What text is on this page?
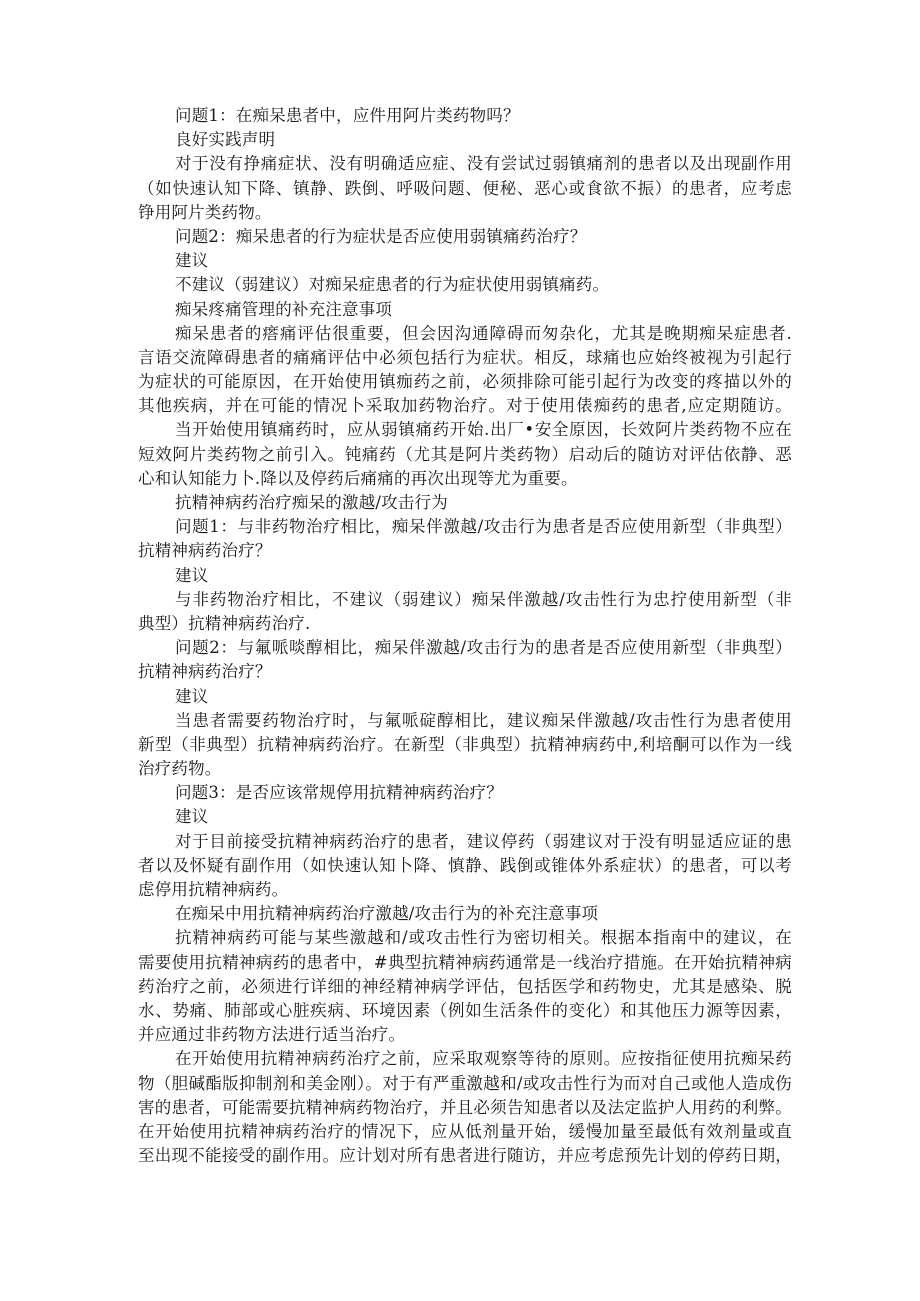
问题1：在痴呆患者中，应件用阿片类药物吗？
良好实践声明
对于没有挣痛症状、没有明确适应症、没有尝试过弱镇痛剂的患者以及出现副作用
（如快速认知下降、镇静、跌倒、呼吸问题、便秘、恶心或食欲不振）的患者，应考虑
铮用阿片类药物。
问题2：痴呆患者的行为症状是否应使用弱镇痛药治疗？
建议
不建议（弱建议）对痴呆症患者的行为症状使用弱镇痛药。
痴呆疼痛管理的补充注意事项
痴呆患者的瘩痛评估很重要，但会因沟通障碍而匆杂化，尤其是晚期痴呆症患者.
言语交流障碍患者的痛痛评估中必须包括行为症状。相反，球痛也应始终被视为引起行
为症状的可能原因，在开始使用镇痂药之前，必须排除可能引起行为改变的疼描以外的
其他疾病，并在可能的情况卜采取加药物治疗。对于使用俵痴药的患者,应定期随访。
当开始使用镇痛药时，应从弱镇痛药开始.出厂•安全原因，长效阿片类药物不应在
短效阿片类药物之前引入。钝痛药（尤其是阿片类药物）启动后的随访对评估依静、恶
心和认知能力卜.降以及停药后痛痛的再次出现等尤为重要。
抗精神病药治疗痴呆的激越/攻击行为
问题1：与非药物治疗相比，痴呆伴激越/攻击行为患者是否应使用新型（非典型）
抗精神病药治疗？
建议
与非药物治疗相比，不建议（弱建议）痴呆伴激越/攻击性行为忠拧使用新型（非
典型）抗精神病药治疗.
问题2：与氟哌啖醇相比，痴呆伴激越/攻击行为的患者是否应使用新型（非典型）
抗精神病药治疗？
建议
当患者需要药物治疗时，与氟哌碇醇相比，建议痴呆伴激越/攻击性行为患者使用
新型（非典型）抗精神病药治疗。在新型（非典型）抗精神病药中,利培酮可以作为一线
治疗药物。
问题3：是否应该常规停用抗精神病药治疗？
建议
对于目前接受抗精神病药治疗的患者，建议停药（弱建议对于没有明显适应证的患
者以及怀疑有副作用（如快速认知卜降、慎静、践倒或锥体外系症状）的患者，可以考
虑停用抗精神病药。
在痴呆中用抗精神病药治疗激越/攻击行为的补充注意事项
抗精神病药可能与某些激越和/或攻击性行为密切相关。根据本指南中的建议，在
需要使用抗精神病药的患者中，#典型抗精神病药通常是一线治疗措施。在开始抗精神病
药治疗之前，必须进行详细的神经精神病学评估，包括医学和药物史，尤其是感染、脱
水、势痛、肺部或心脏疾病、环境因素（例如生活条件的变化）和其他压力源等因素，
并应通过非药物方法进行适当治疗。
在开始使用抗精神病药治疗之前，应采取观察等待的原则。应按指征使用抗痴呆药
物（胆碱酯版抑制剂和美金刚）。对于有严重激越和/或攻击性行为而对自己或他人造成伤
害的患者，可能需要抗精神病药物治疗，并且必须告知患者以及法定监护人用药的利弊。
在开始使用抗精神病药治疗的情况下，应从低剂量开始，缓慢加量至最低有效剂量或直
至出现不能接受的副作用。应计划对所有患者进行随访，并应考虑预先计划的停药日期，
